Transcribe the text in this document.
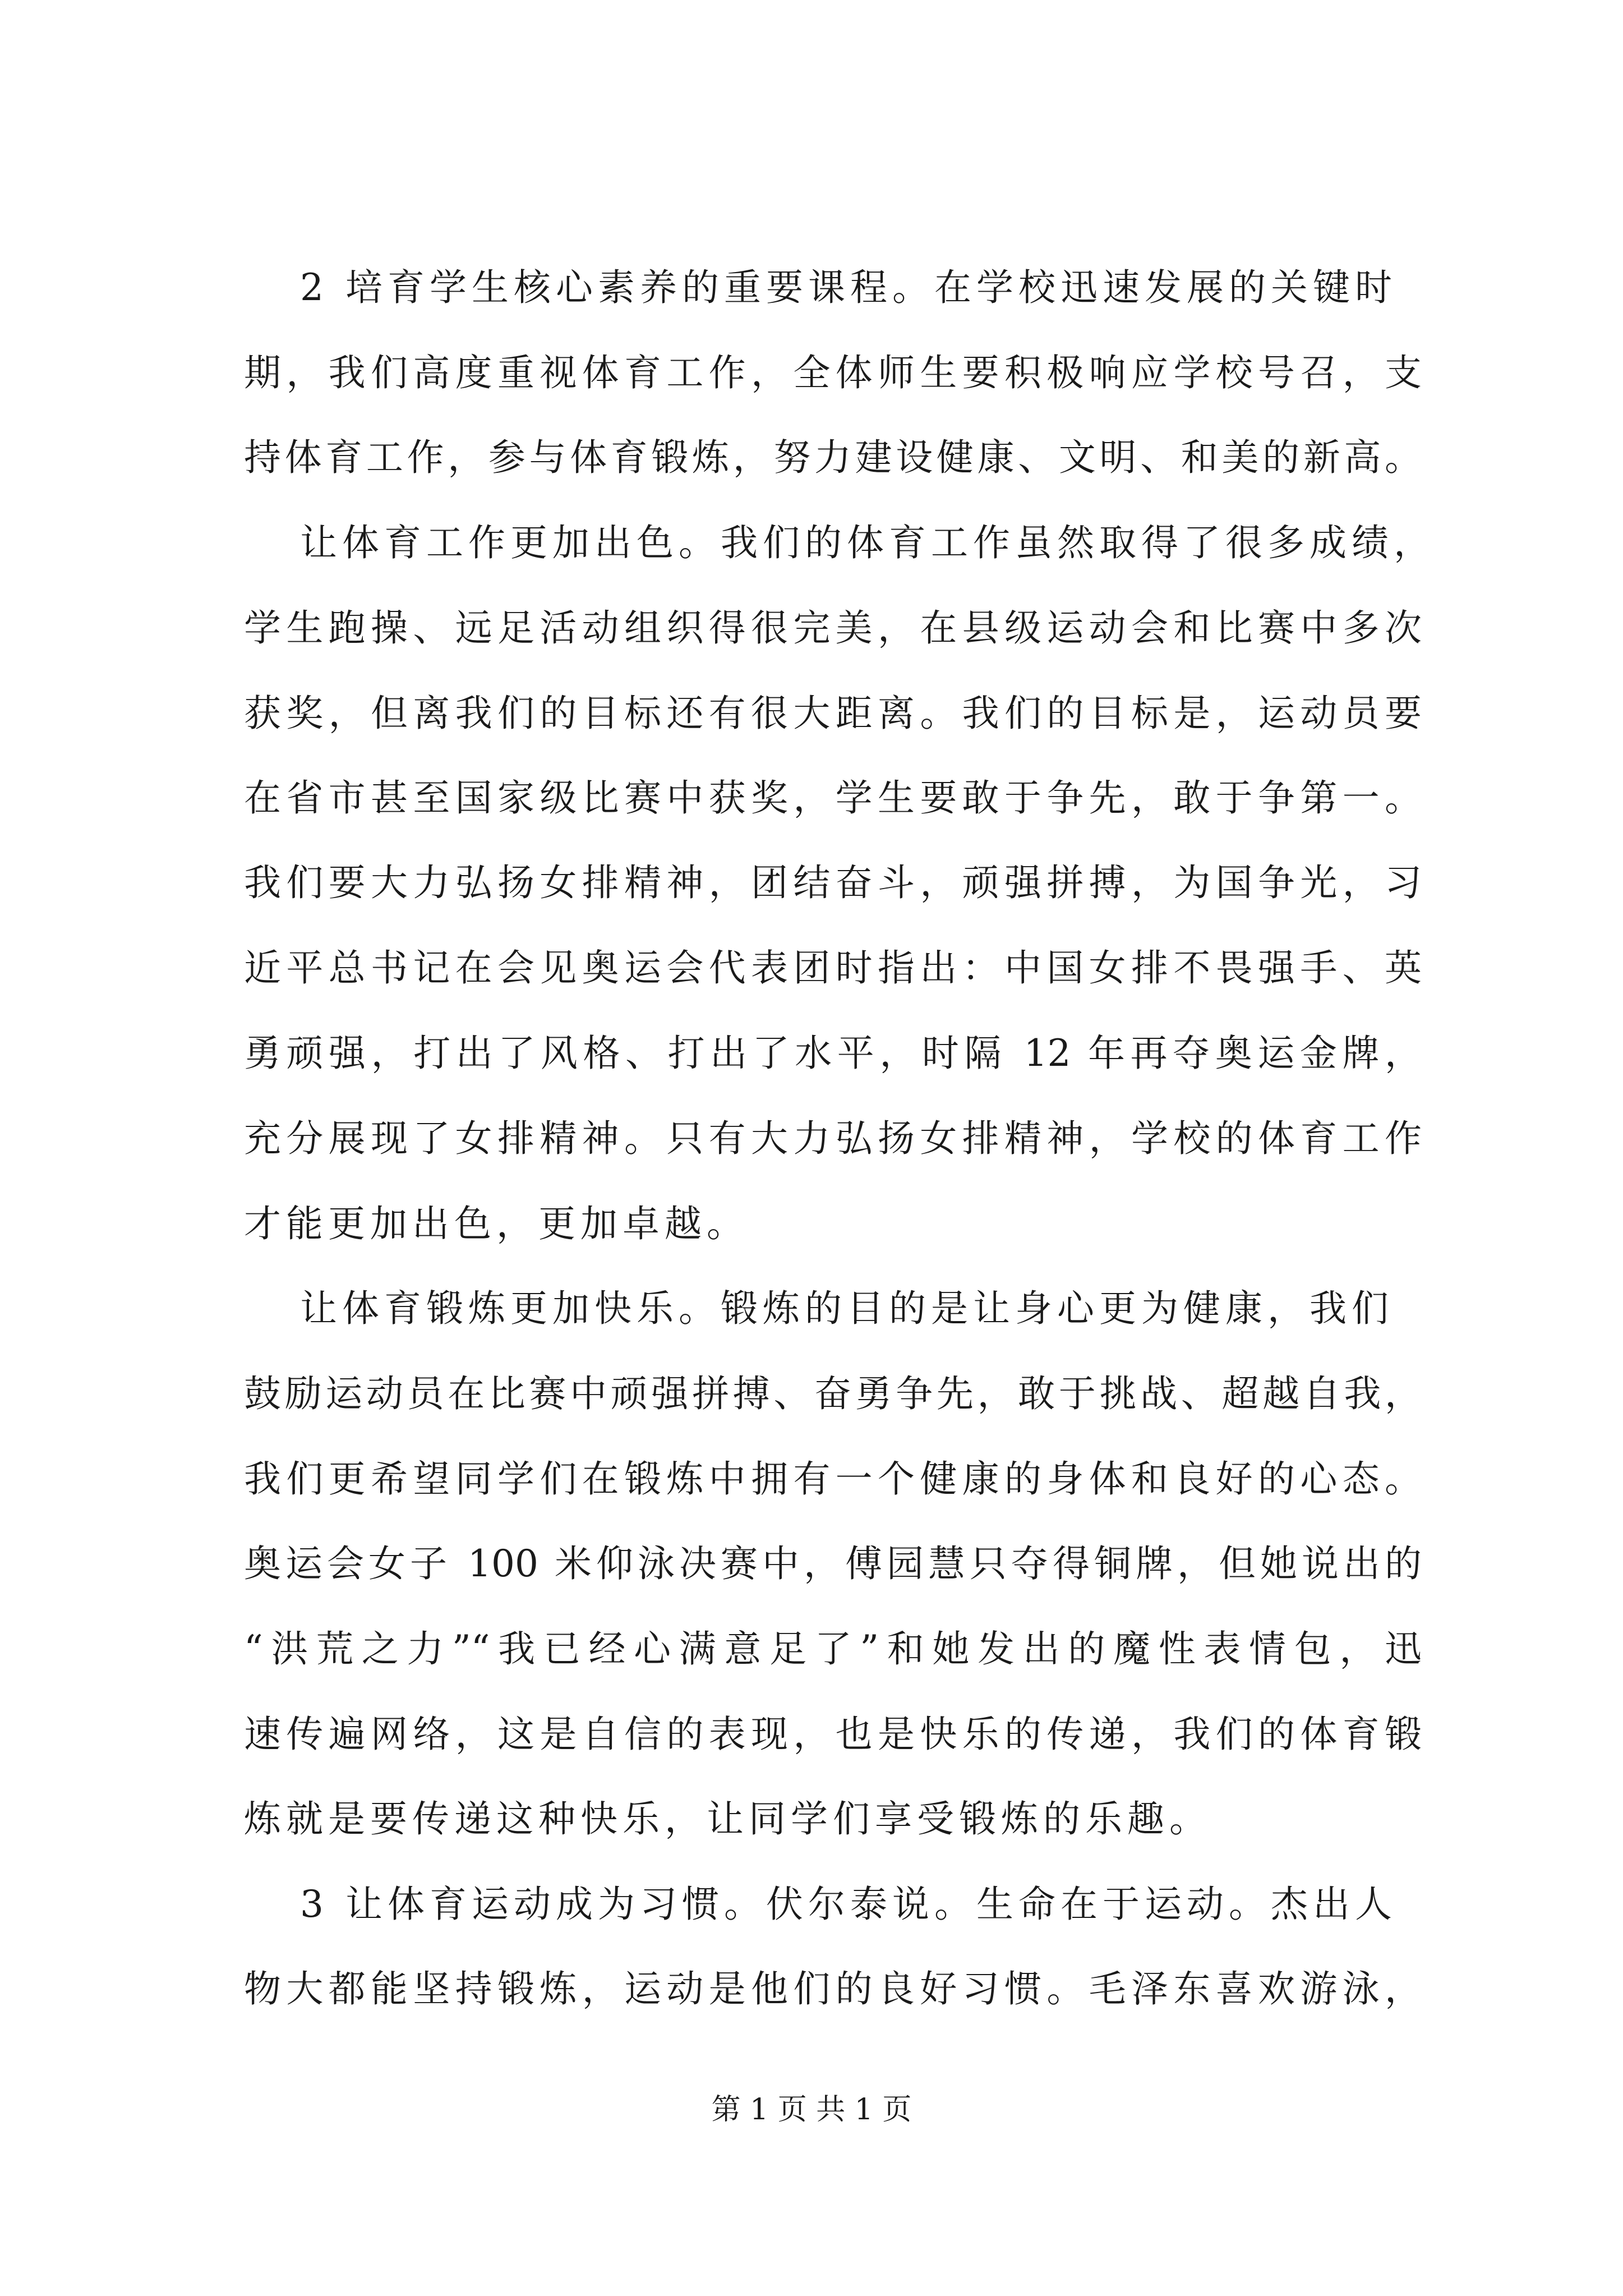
2 培育学生核心素养的重要课程。在学校迅速发展的关键时
期，我们高度重视体育工作，全体师生要积极响应学校号召，支
持体育工作，参与体育锻炼，努力建设健康、文明、和美的新高。
让体育工作更加出色。我们的体育工作虽然取得了很多成绩，
学生跑操、远足活动组织得很完美，在县级运动会和比赛中多次
获奖，但离我们的目标还有很大距离。我们的目标是，运动员要
在省市甚至国家级比赛中获奖，学生要敢于争先，敢于争第一。
我们要大力弘扬女排精神，团结奋斗，顽强拼搏，为国争光，习
近平总书记在会见奥运会代表团时指出：中国女排不畏强手、英
勇顽强，打出了风格、打出了水平，时隔 12 年再夺奥运金牌，
充分展现了女排精神。只有大力弘扬女排精神，学校的体育工作
才能更加出色，更加卓越。
让体育锻炼更加快乐。锻炼的目的是让身心更为健康，我们
鼓励运动员在比赛中顽强拼搏、奋勇争先，敢于挑战、超越自我，
我们更希望同学们在锻炼中拥有一个健康的身体和良好的心态。
奥运会女子 100 米仰泳决赛中，傅园慧只夺得铜牌，但她说出的
“洪荒之力”“我已经心满意足了”和她发出的魔性表情包，迅
速传遍网络，这是自信的表现，也是快乐的传递，我们的体育锻
炼就是要传递这种快乐，让同学们享受锻炼的乐趣。
3 让体育运动成为习惯。伏尔泰说。生命在于运动。杰出人
物大都能坚持锻炼，运动是他们的良好习惯。毛泽东喜欢游泳，
第 1 页 共 1 页
